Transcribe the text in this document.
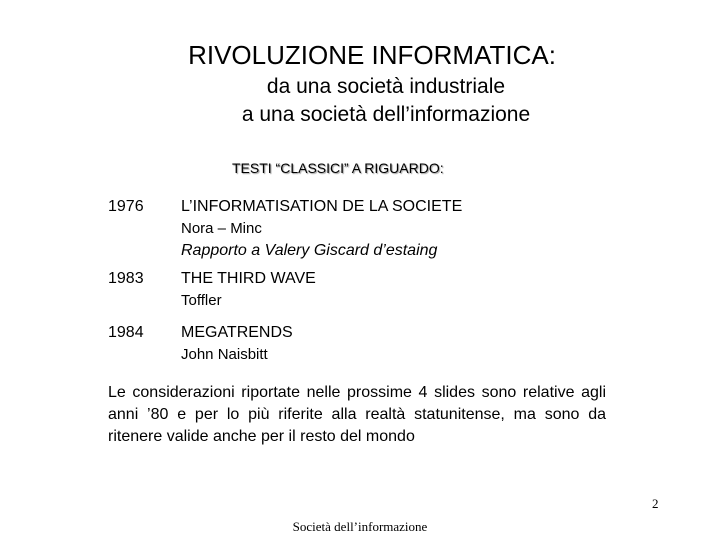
RIVOLUZIONE INFORMATICA:
da una società industriale
a una società dell’informazione
TESTI “CLASSICI” A RIGUARDO:
1976 L’INFORMATISATION DE LA SOCIETE
Nora – Minc
Rapporto a Valery Giscard d’estaing
1983 THE THIRD WAVE
Toffler
1984 MEGATRENDS
John Naisbitt
Le considerazioni riportate nelle prossime 4 slides sono relative agli anni ’80 e per lo più riferite alla realtà statunitense, ma sono da ritenere valide anche per il resto del mondo
2
Società dell’informazione
